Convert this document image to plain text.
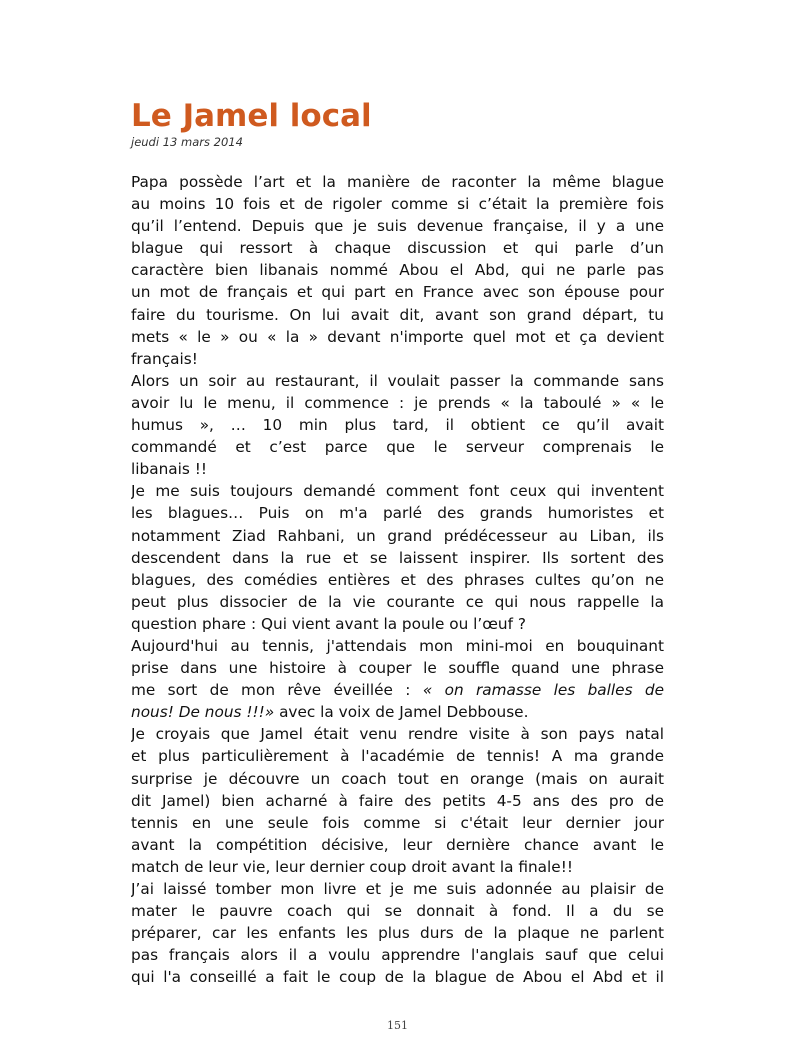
Le Jamel local
jeudi 13 mars 2014
Papa possède l’art et la manière de raconter la même blague
au moins 10 fois et de rigoler comme si c’était la première fois
qu’il l’entend. Depuis que je suis devenue française, il y a une
blague qui ressort à chaque discussion et qui parle d’un
caractère bien libanais nommé Abou el Abd, qui ne parle pas
un mot de français et qui part en France avec son épouse pour
faire du tourisme. On lui avait dit, avant son grand départ, tu
mets « le » ou « la » devant n'importe quel mot et ça devient
français!
Alors un soir au restaurant, il voulait passer la commande sans
avoir lu le menu, il commence : je prends « la taboulé » « le
humus », … 10 min plus tard, il obtient ce qu’il avait
commandé et c’est parce que le serveur comprenais le
libanais !!
Je me suis toujours demandé comment font ceux qui inventent
les blagues… Puis on m'a parlé des grands humoristes et
notamment Ziad Rahbani, un grand prédécesseur au Liban, ils
descendent dans la rue et se laissent inspirer. Ils sortent des
blagues, des comédies entières et des phrases cultes qu’on ne
peut plus dissocier de la vie courante ce qui nous rappelle la
question phare : Qui vient avant la poule ou l’œuf ?
Aujourd'hui au tennis, j'attendais mon mini-moi en bouquinant
prise dans une histoire à couper le souffle quand une phrase
me sort de mon rêve éveillée : « on ramasse les balles de
nous! De nous !!!» avec la voix de Jamel Debbouse.
Je croyais que Jamel était venu rendre visite à son pays natal
et plus particulièrement à l'académie de tennis! A ma grande
surprise je découvre un coach tout en orange (mais on aurait
dit Jamel) bien acharné à faire des petits 4-5 ans des pro de
tennis en une seule fois comme si c'était leur dernier jour
avant la compétition décisive, leur dernière chance avant le
match de leur vie, leur dernier coup droit avant la finale!!
J’ai laissé tomber mon livre et je me suis adonnée au plaisir de
mater le pauvre coach qui se donnait à fond. Il a du se
préparer, car les enfants les plus durs de la plaque ne parlent
pas français alors il a voulu apprendre l'anglais sauf que celui
qui l'a conseillé a fait le coup de la blague de Abou el Abd et il
151
